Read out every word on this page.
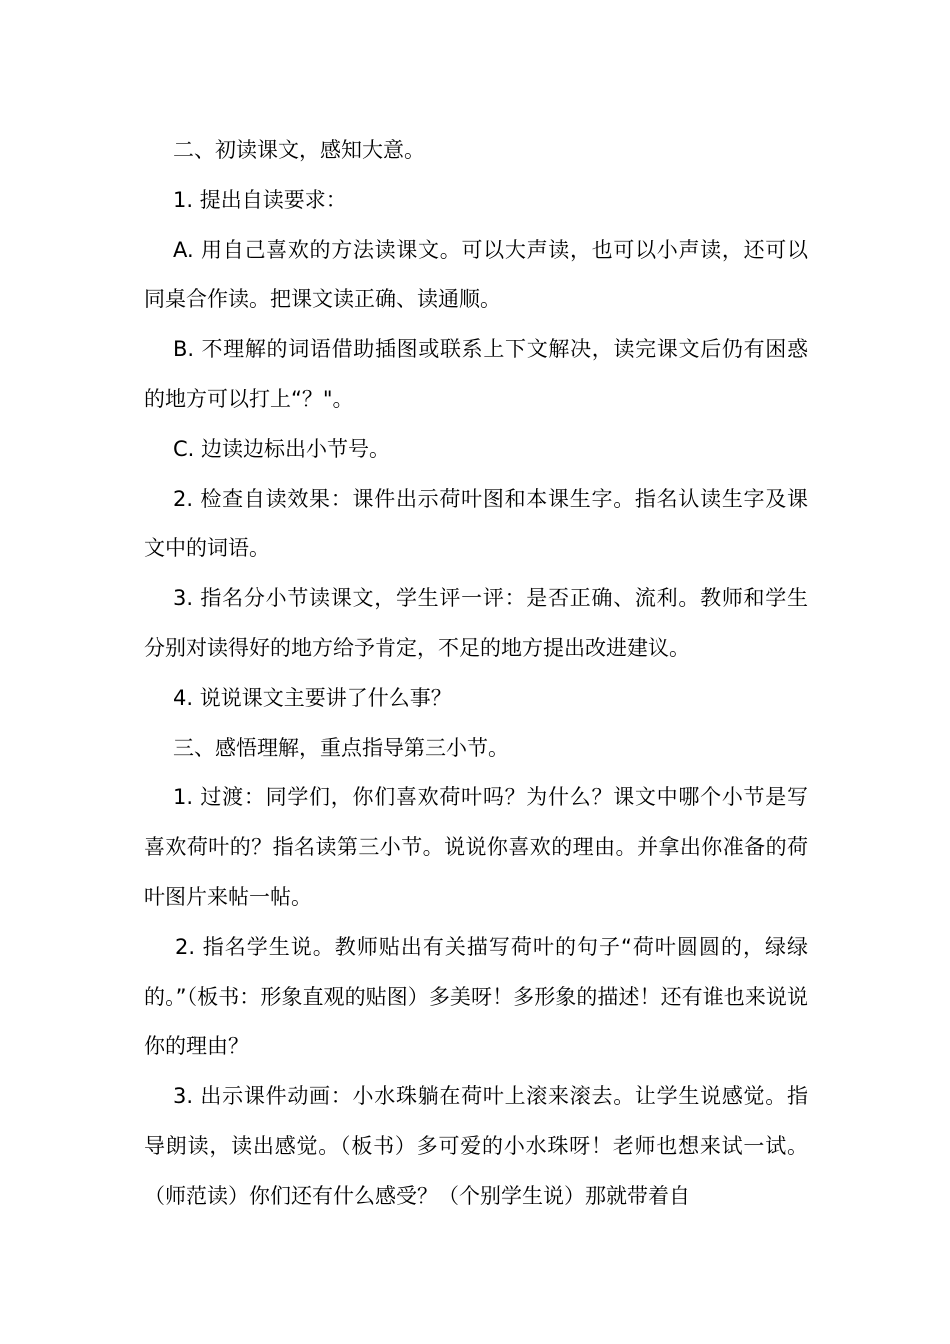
二、初读课文，感知大意。

1. 提出自读要求：

A. 用自己喜欢的方法读课文。可以大声读，也可以小声读，还可以同桌合作读。把课文读正确、读通顺。

B. 不理解的词语借助插图或联系上下文解决，读完课文后仍有困惑的地方可以打上“？"。

C. 边读边标出小节号。

2. 检查自读效果：课件出示荷叶图和本课生字。指名认读生字及课文中的词语。

3. 指名分小节读课文，学生评一评：是否正确、流利。教师和学生分别对读得好的地方给予肯定，不足的地方提出改进建议。

4. 说说课文主要讲了什么事？

三、感悟理解，重点指导第三小节。

1. 过渡：同学们，你们喜欢荷叶吗？为什么？课文中哪个小节是写喜欢荷叶的？指名读第三小节。说说你喜欢的理由。并拿出你准备的荷叶图片来帖一帖。

2. 指名学生说。教师贴出有关描写荷叶的句子“荷叶圆圆的，绿绿的。”（板书：形象直观的贴图）多美呀！多形象的描述！还有谁也来说说你的理由？

3. 出示课件动画：小水珠躺在荷叶上滚来滚去。让学生说感觉。指导朗读，读出感觉。（板书）多可爱的小水珠呀！老师也想来试一试。（师范读）你们还有什么感受？（个别学生说）那就带着自
